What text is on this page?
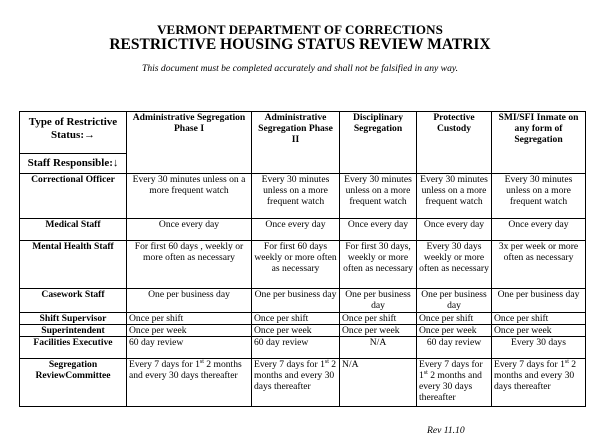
VERMONT DEPARTMENT OF CORRECTIONS
RESTRICTIVE HOUSING STATUS REVIEW MATRIX
This document must be completed accurately and shall not be falsified in any way.
Type of Restrictive Status:→
Staff Responsible:↓	Administrative Segregation Phase I	Administrative Segregation Phase II	Disciplinary Segregation	Protective Custody	SMI/SFI Inmate on any form of Segregation
Correctional Officer	Every 30 minutes unless on a more frequent watch	Every 30 minutes unless on a more frequent watch	Every 30 minutes unless on a more frequent watch	Every 30 minutes unless on a more frequent watch	Every 30 minutes unless on a more frequent watch
Medical Staff	Once every day	Once every day	Once every day	Once every day	Once every day
Mental Health Staff	For first 60 days , weekly or more often as necessary	For first 60 days weekly or more often as necessary	For first 30 days, weekly or more often as necessary	Every 30 days weekly or more often as necessary	3x per week or more often as necessary
Casework Staff	One per business day	One per business day	One per business day	One per business day	One per business day
Shift Supervisor	Once per shift	Once per shift	Once per shift	Once per shift	Once per shift
Superintendent	Once per week	Once per week	Once per week	Once per week	Once per week
Facilities Executive	60 day review	60 day review	N/A	60 day review	Every 30 days
Segregation ReviewCommittee	Every 7 days for 1st 2 months and every 30 days thereafter	Every 7 days for 1st 2 months and every 30 days thereafter	N/A	Every 7 days for 1st 2 months and every 30 days thereafter	Every 7 days for 1st 2 months and every 30 days thereafter
Rev 11.10
